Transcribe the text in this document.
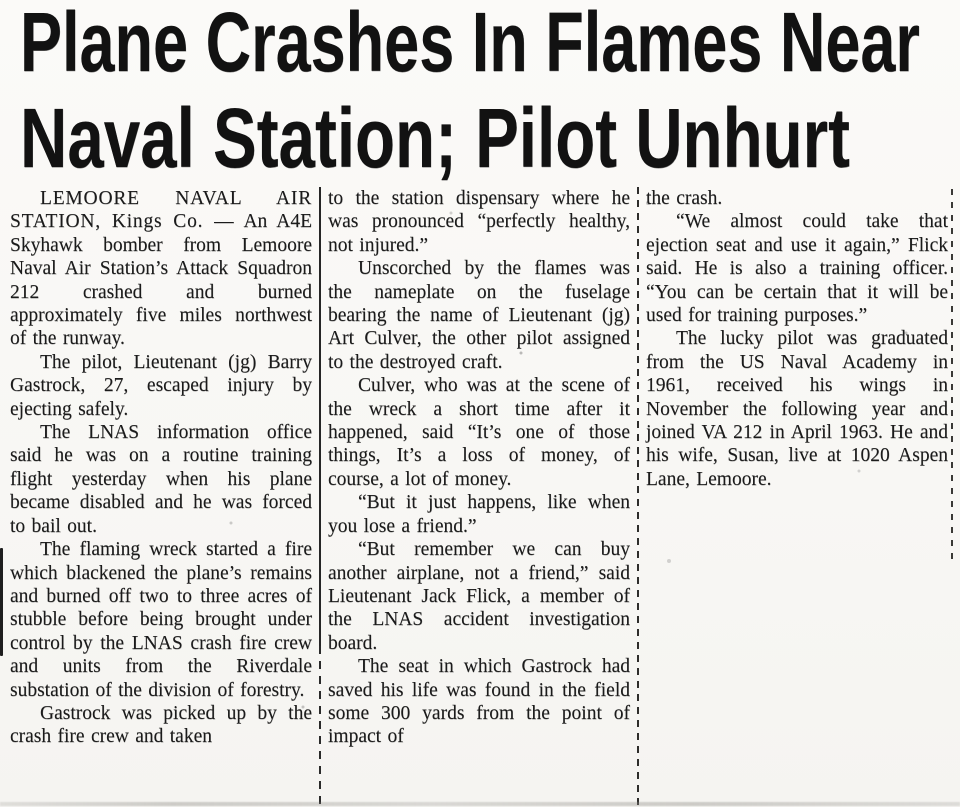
Plane Crashes In Flames Near
Naval Station; Pilot Unhurt

LEMOORE NAVAL AIR STATION, Kings Co. — An A4E Skyhawk bomber from Lemoore Naval Air Station’s Attack Squadron 212 crashed and burned approximately five miles northwest of the runway.

The pilot, Lieutenant (jg) Barry Gastrock, 27, escaped injury by ejecting safely.

The LNAS information office said he was on a routine training flight yesterday when his plane became disabled and he was forced to bail out.

The flaming wreck started a fire which blackened the plane’s remains and burned off two to three acres of stubble before being brought under control by the LNAS crash fire crew and units from the Riverdale substation of the division of forestry.

Gastrock was picked up by the crash fire crew and taken

to the station dispensary where he was pronounced “perfectly healthy, not injured.”

Unscorched by the flames was the nameplate on the fuselage bearing the name of Lieutenant (jg) Art Culver, the other pilot assigned to the destroyed craft.

Culver, who was at the scene of the wreck a short time after it happened, said “It’s one of those things, It’s a loss of money, of course, a lot of money.

“But it just happens, like when you lose a friend.”

“But remember we can buy another airplane, not a friend,” said Lieutenant Jack Flick, a member of the LNAS accident investigation board.

The seat in which Gastrock had saved his life was found in the field some 300 yards from the point of impact of

the crash.

“We almost could take that ejection seat and use it again,” Flick said. He is also a training officer. “You can be certain that it will be used for training purposes.”

The lucky pilot was graduated from the US Naval Academy in 1961, received his wings in November the following year and joined VA 212 in April 1963. He and his wife, Susan, live at 1020 Aspen Lane, Lemoore.
